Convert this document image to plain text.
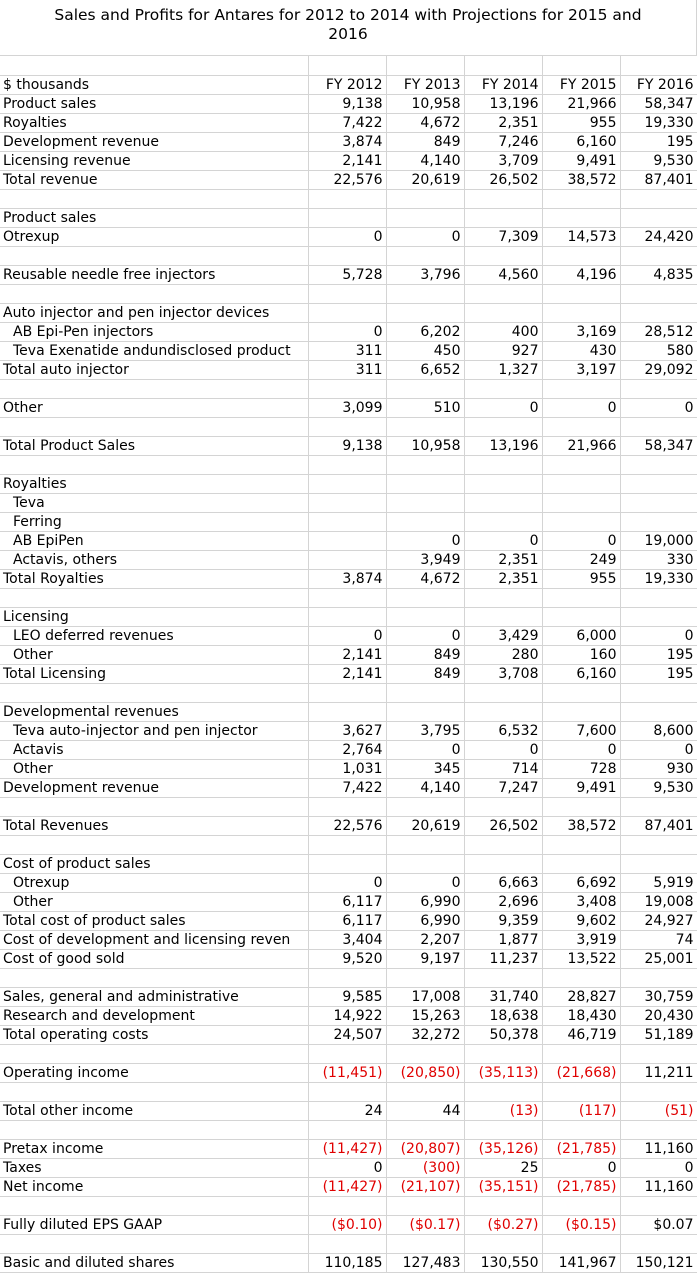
Sales and Profits for Antares for 2012 to 2014 with Projections for 2015 and
2016

$ thousands	FY 2012	FY 2013	FY 2014	FY 2015	FY 2016
Product sales	9,138	10,958	13,196	21,966	58,347
Royalties	7,422	4,672	2,351	955	19,330
Development revenue	3,874	849	7,246	6,160	195
Licensing revenue	2,141	4,140	3,709	9,491	9,530
Total revenue	22,576	20,619	26,502	38,572	87,401

Product sales					
Otrexup	0	0	7,309	14,573	24,420

Reusable needle free injectors	5,728	3,796	4,560	4,196	4,835

Auto injector and pen injector devices					
AB Epi-Pen injectors	0	6,202	400	3,169	28,512
Teva Exenatide andundisclosed product	311	450	927	430	580
Total auto injector	311	6,652	1,327	3,197	29,092

Other	3,099	510	0	0	0

Total Product Sales	9,138	10,958	13,196	21,966	58,347

Royalties					
Teva					
Ferring					
AB EpiPen		0	0	0	19,000
Actavis, others		3,949	2,351	249	330
Total Royalties	3,874	4,672	2,351	955	19,330

Licensing					
LEO deferred revenues	0	0	3,429	6,000	0
Other	2,141	849	280	160	195
Total Licensing	2,141	849	3,708	6,160	195

Developmental revenues					
Teva auto-injector and pen injector	3,627	3,795	6,532	7,600	8,600
Actavis	2,764	0	0	0	0
Other	1,031	345	714	728	930
Development revenue	7,422	4,140	7,247	9,491	9,530

Total Revenues	22,576	20,619	26,502	38,572	87,401

Cost of product sales					
Otrexup	0	0	6,663	6,692	5,919
Other	6,117	6,990	2,696	3,408	19,008
Total cost of product sales	6,117	6,990	9,359	9,602	24,927
Cost of development and licensing reven	3,404	2,207	1,877	3,919	74
Cost of good sold	9,520	9,197	11,237	13,522	25,001

Sales, general and administrative	9,585	17,008	31,740	28,827	30,759
Research and development	14,922	15,263	18,638	18,430	20,430
Total operating costs	24,507	32,272	50,378	46,719	51,189

Operating income	(11,451)	(20,850)	(35,113)	(21,668)	11,211

Total other income	24	44	(13)	(117)	(51)

Pretax income	(11,427)	(20,807)	(35,126)	(21,785)	11,160
Taxes	0	(300)	25	0	0
Net income	(11,427)	(21,107)	(35,151)	(21,785)	11,160

Fully diluted EPS GAAP	($0.10)	($0.17)	($0.27)	($0.15)	$0.07

Basic and diluted shares	110,185	127,483	130,550	141,967	150,121
